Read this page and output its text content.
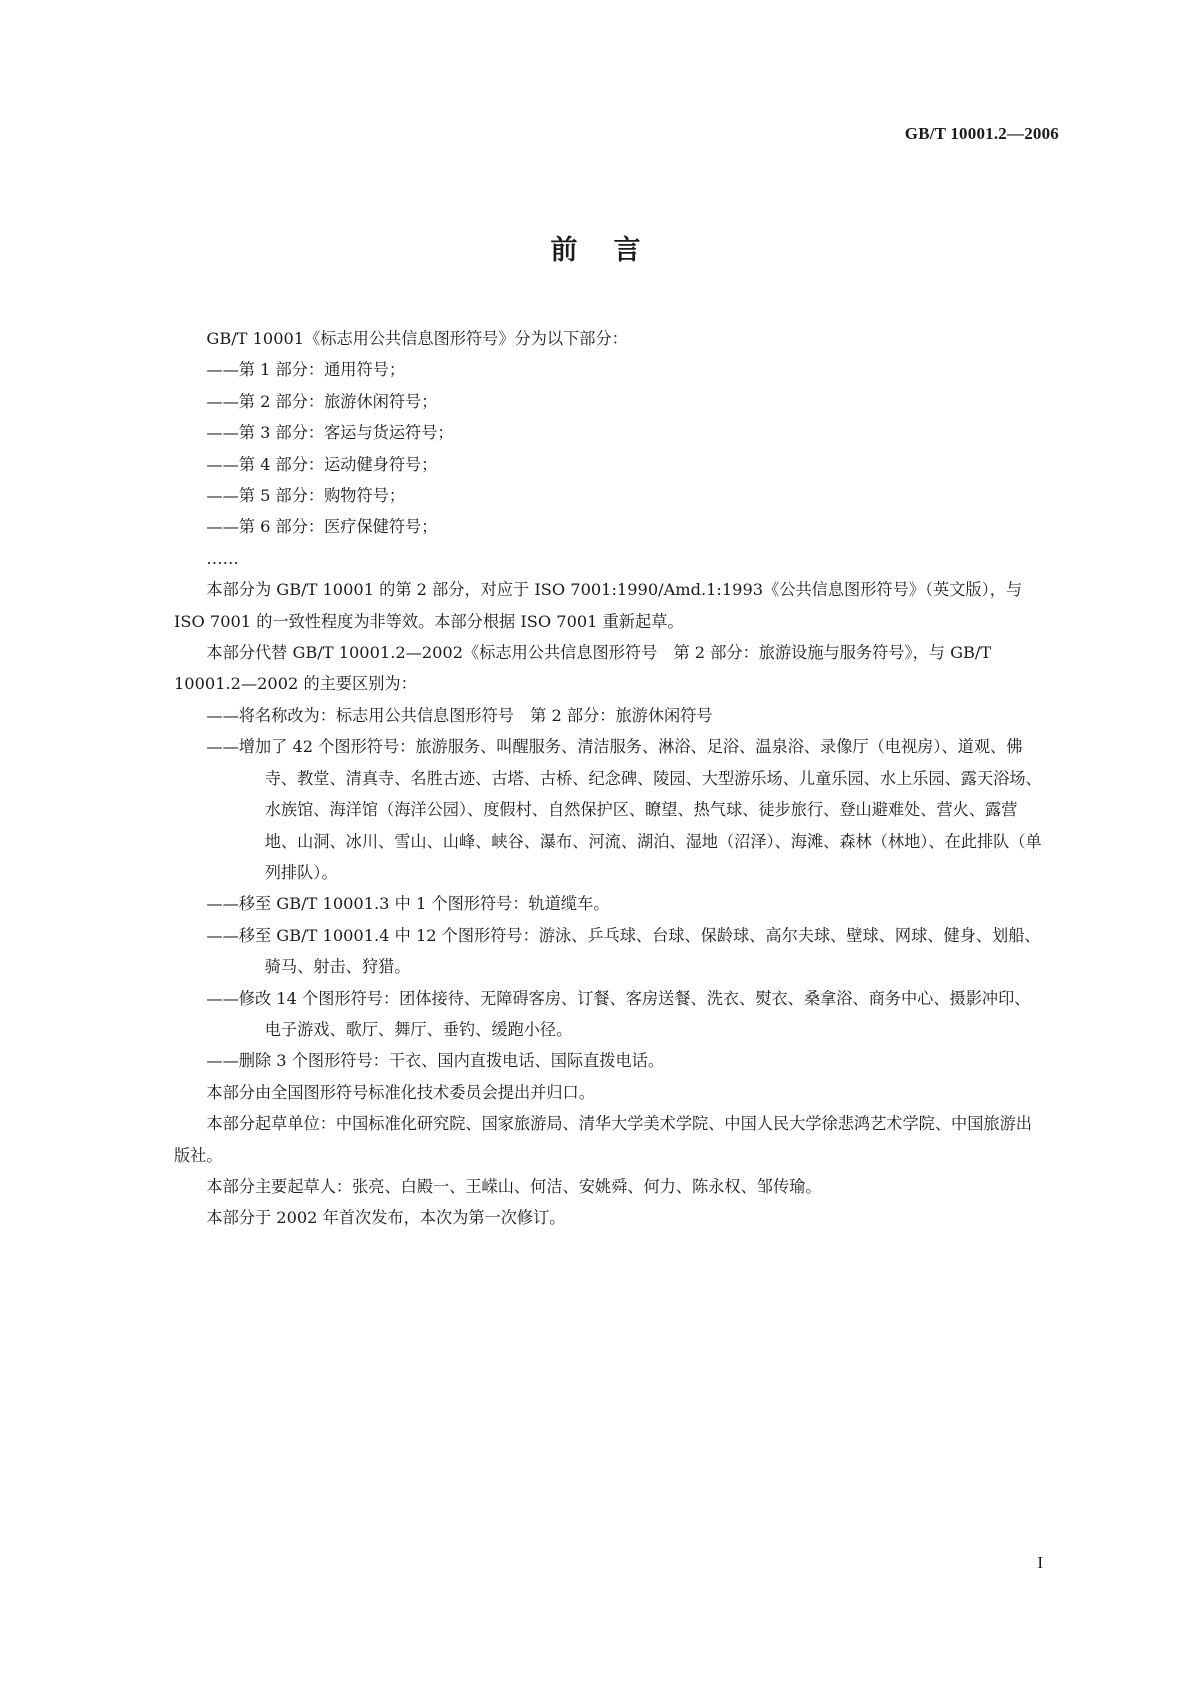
GB/T 10001.2—2006
前言

GB/T 10001《标志用公共信息图形符号》分为以下部分：

——第 1 部分：通用符号；

——第 2 部分：旅游休闲符号；

——第 3 部分：客运与货运符号；

——第 4 部分：运动健身符号；

——第 5 部分：购物符号；

——第 6 部分：医疗保健符号；

……

本部分为 GB/T 10001 的第 2 部分，对应于 ISO 7001:1990/Amd.1:1993《公共信息图形符号》（英文版），与 ISO 7001 的一致性程度为非等效。本部分根据 ISO 7001 重新起草。

本部分代替 GB/T 10001.2—2002《标志用公共信息图形符号　第 2 部分：旅游设施与服务符号》，与 GB/T 10001.2—2002 的主要区别为：

——将名称改为：标志用公共信息图形符号　第 2 部分：旅游休闲符号

——增加了 42 个图形符号：旅游服务、叫醒服务、清洁服务、淋浴、足浴、温泉浴、录像厅（电视房）、道观、佛寺、教堂、清真寺、名胜古迹、古塔、古桥、纪念碑、陵园、大型游乐场、儿童乐园、水上乐园、露天浴场、水族馆、海洋馆（海洋公园）、度假村、自然保护区、瞭望、热气球、徒步旅行、登山避难处、营火、露营地、山洞、冰川、雪山、山峰、峡谷、瀑布、河流、湖泊、湿地（沼泽）、海滩、森林（林地）、在此排队（单列排队）。

——移至 GB/T 10001.3 中 1 个图形符号：轨道缆车。

——移至 GB/T 10001.4 中 12 个图形符号：游泳、乒乓球、台球、保龄球、高尔夫球、壁球、网球、健身、划船、骑马、射击、狩猎。

——修改 14 个图形符号：团体接待、无障碍客房、订餐、客房送餐、洗衣、熨衣、桑拿浴、商务中心、摄影冲印、电子游戏、歌厅、舞厅、垂钓、缓跑小径。

——删除 3 个图形符号：干衣、国内直拨电话、国际直拨电话。

本部分由全国图形符号标准化技术委员会提出并归口。

本部分起草单位：中国标准化研究院、国家旅游局、清华大学美术学院、中国人民大学徐悲鸿艺术学院、中国旅游出版社。

本部分主要起草人：张亮、白殿一、王嵘山、何洁、安姚舜、何力、陈永权、邹传瑜。

本部分于 2002 年首次发布，本次为第一次修订。

I
